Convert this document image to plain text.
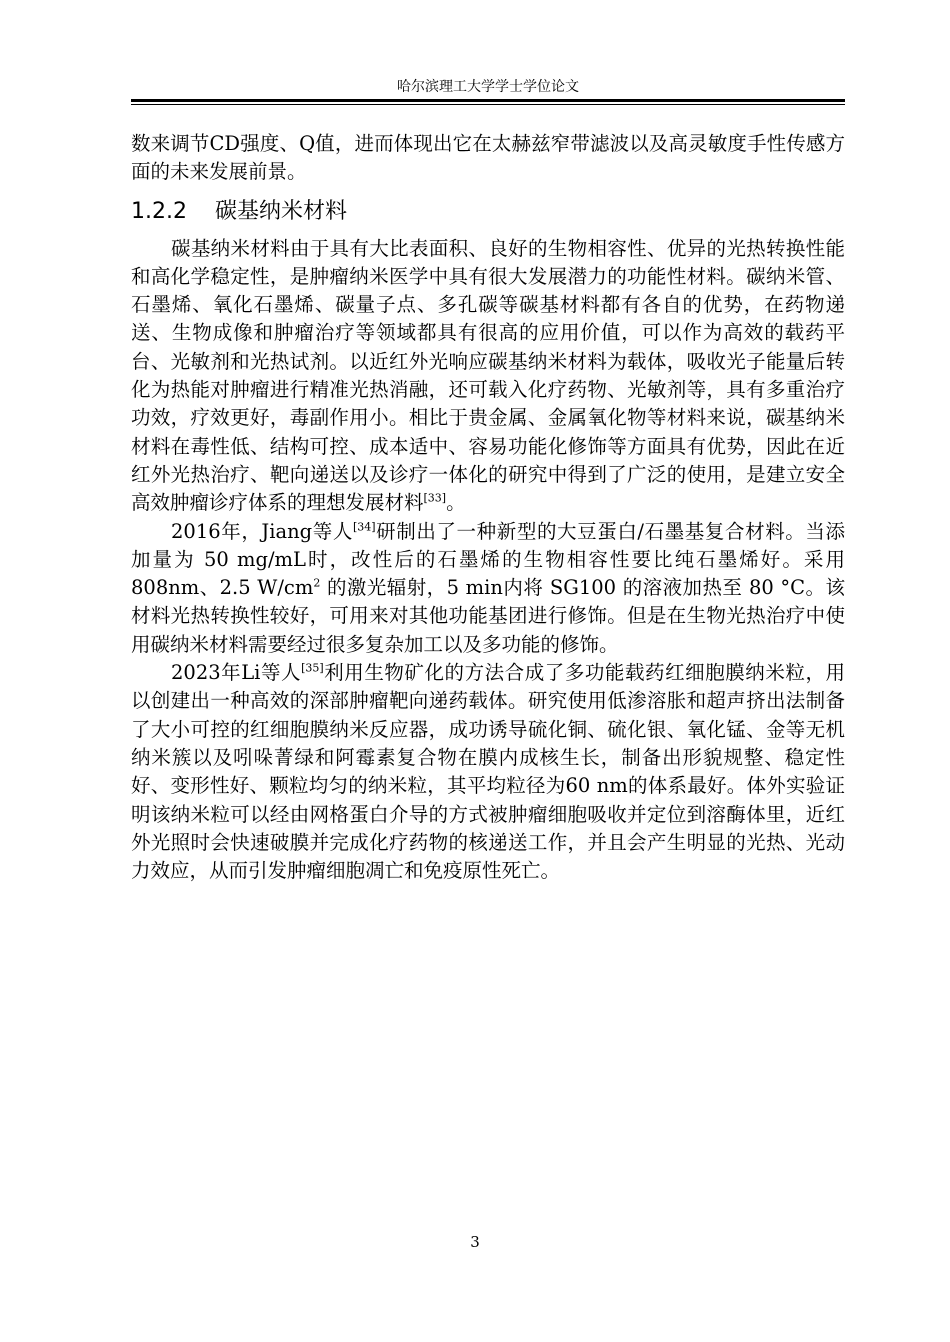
哈尔滨理工大学学士学位论文

数来调节CD强度、Q值，进而体现出它在太赫兹窄带滤波以及高灵敏度手性传感方面的未来发展前景。

1.2.2 碳基纳米材料

碳基纳米材料由于具有大比表面积、良好的生物相容性、优异的光热转换性能和高化学稳定性，是肿瘤纳米医学中具有很大发展潜力的功能性材料。碳纳米管、石墨烯、氧化石墨烯、碳量子点、多孔碳等碳基材料都有各自的优势，在药物递送、生物成像和肿瘤治疗等领域都具有很高的应用价值，可以作为高效的载药平台、光敏剂和光热试剂。以近红外光响应碳基纳米材料为载体，吸收光子能量后转化为热能对肿瘤进行精准光热消融，还可载入化疗药物、光敏剂等，具有多重治疗功效，疗效更好，毒副作用小。相比于贵金属、金属氧化物等材料来说，碳基纳米材料在毒性低、结构可控、成本适中、容易功能化修饰等方面具有优势，因此在近红外光热治疗、靶向递送以及诊疗一体化的研究中得到了广泛的使用，是建立安全高效肿瘤诊疗体系的理想发展材料[33]。

2016年，Jiang等人[34]研制出了一种新型的大豆蛋白/石墨基复合材料。当添加量为 50 mg/mL时，改性后的石墨烯的生物相容性要比纯石墨烯好。采用 808nm、2.5 $W/cm^2$ 的激光辐射，5 min内将 SG100 的溶液加热至 80 °C。该材料光热转换性较好，可用来对其他功能基团进行修饰。但是在生物光热治疗中使用碳纳米材料需要经过很多复杂加工以及多功能的修饰。

2023年Li等人[35]利用生物矿化的方法合成了多功能载药红细胞膜纳米粒，用以创建出一种高效的深部肿瘤靶向递药载体。研究使用低渗溶胀和超声挤出法制备了大小可控的红细胞膜纳米反应器，成功诱导硫化铜、硫化银、氧化锰、金等无机纳米簇以及吲哚菁绿和阿霉素复合物在膜内成核生长，制备出形貌规整、稳定性好、变形性好、颗粒均匀的纳米粒，其平均粒径为60 nm的体系最好。体外实验证明该纳米粒可以经由网格蛋白介导的方式被肿瘤细胞吸收并定位到溶酶体里，近红外光照时会快速破膜并完成化疗药物的核递送工作，并且会产生明显的光热、光动力效应，从而引发肿瘤细胞凋亡和免疫原性死亡。

3
